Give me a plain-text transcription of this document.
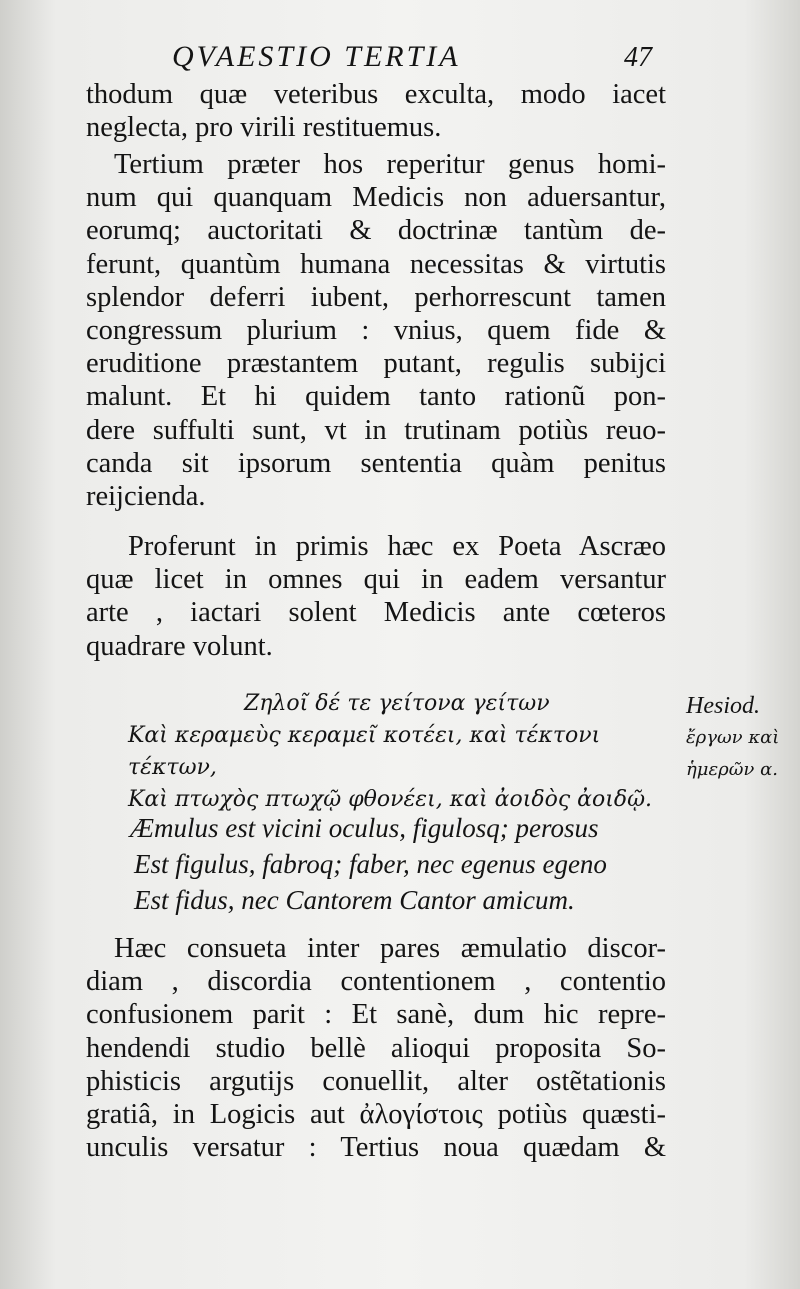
QVAESTIO TERTIA	47
thodum quæ veteribus exculta, modo iacet
neglecta, pro virili restituemus.
Tertium præter hos reperitur genus homi-
num qui quanquam Medicis non aduersantur,
eorumq; auctoritati & doctrinæ tantùm de-
ferunt, quantùm humana necessitas & virtutis
splendor deferri iubent, perhorrescunt tamen
congressum plurium : vnius, quem fide &
eruditione præstantem putant, regulis subijci
malunt. Et hi quidem tanto rationũ pon-
dere suffulti sunt, vt in trutinam potiùs reuo-
canda sit ipsorum sententia quàm penitus
reijcienda.
Proferunt in primis hæc ex Poeta Ascræo
quæ licet in omnes qui in eadem versantur
arte , iactari solent Medicis ante cœteros
quadrare volunt.
Ζηλοῖ δέ τε γείτονα γείτων
Καὶ κεραμεὺς κεραμεῖ κοτέει, καὶ τέκτονι τέκτων,
Καὶ πτωχὸς πτωχῷ φθονέει, καὶ ἀοιδὸς ἀοιδῷ.
Hesiod.
ἔργων καὶ
ἡμερῶν α.
Æmulus est vicini oculus, figulosq; perosus
Est figulus, fabroq; faber, nec egenus egeno
Est fidus, nec Cantorem Cantor amicum.
Hæc consueta inter pares æmulatio discor-
diam , discordia contentionem , contentio
confusionem parit : Et sanè, dum hic repre-
hendendi studio bellè alioqui proposita So-
phisticis argutijs conuellit, alter ostẽtationis
gratiâ, in Logicis aut ἀλογίστοις potiùs quæsti-
unculis versatur : Tertius noua quædam &
